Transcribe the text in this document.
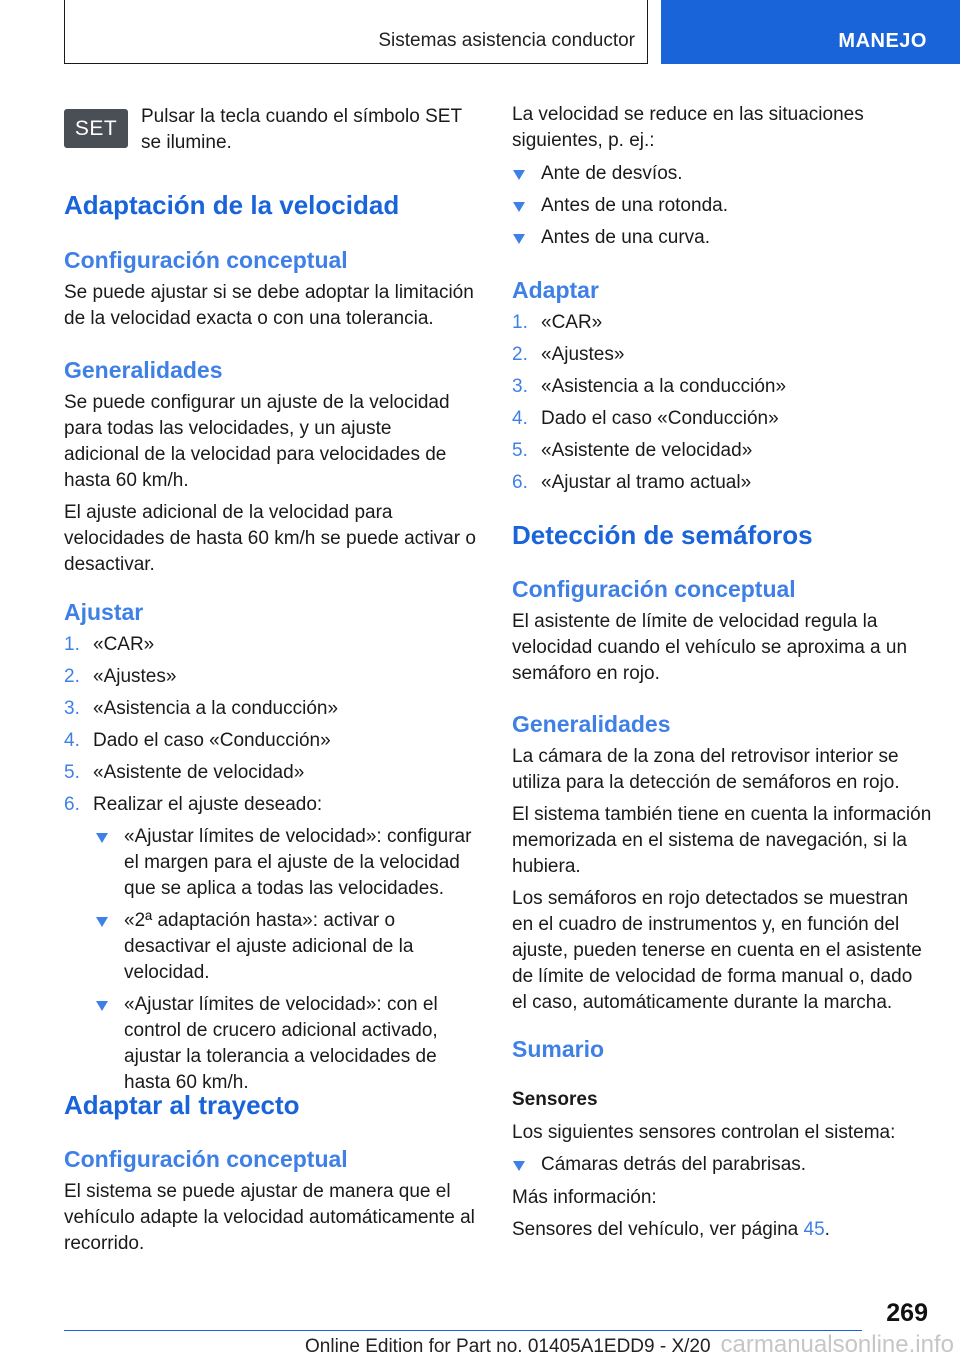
Sistemas asistencia conductor	MANEJO
SET Pulsar la tecla cuando el símbolo SET se ilumine.

Adaptación de la velocidad
Configuración conceptual

Se puede ajustar si se debe adoptar la limitación de la velocidad exacta o con una tolerancia.

Generalidades

Se puede configurar un ajuste de la velocidad para todas las velocidades, y un ajuste adicional de la velocidad para velocidades de hasta 60 km/h.

El ajuste adicional de la velocidad para velocidades de hasta 60 km/h se puede activar o desactivar.

Ajustar
1. «CAR»
2. «Ajustes»
3. «Asistencia a la conducción»
4. Dado el caso «Conducción»
5. «Asistente de velocidad»
6. Realizar el ajuste deseado:
«Ajustar límites de velocidad»: configurar el margen para el ajuste de la velocidad que se aplica a todas las velocidades.
«2ª adaptación hasta»: activar o desactivar el ajuste adicional de la velocidad.
«Ajustar límites de velocidad»: con el control de crucero adicional activado, ajustar la tolerancia a velocidades de hasta 60 km/h.
Adaptar al trayecto
Configuración conceptual

El sistema se puede ajustar de manera que el vehículo adapte la velocidad automáticamente al recorrido.

La velocidad se reduce en las situaciones siguientes, p. ej.:

Ante de desvíos.
Antes de una rotonda.
Antes de una curva.
Adaptar
1. «CAR»
2. «Ajustes»
3. «Asistencia a la conducción»
4. Dado el caso «Conducción»
5. «Asistente de velocidad»
6. «Ajustar al tramo actual»
Detección de semáforos
Configuración conceptual

El asistente de límite de velocidad regula la velocidad cuando el vehículo se aproxima a un semáforo en rojo.

Generalidades

La cámara de la zona del retrovisor interior se utiliza para la detección de semáforos en rojo.

El sistema también tiene en cuenta la información memorizada en el sistema de navegación, si la hubiera.

Los semáforos en rojo detectados se muestran en el cuadro de instrumentos y, en función del ajuste, pueden tenerse en cuenta en el asistente de límite de velocidad de forma manual o, dado el caso, automáticamente durante la marcha.

Sumario
Sensores

Los siguientes sensores controlan el sistema:

Cámaras detrás del parabrisas.

Más información:

Sensores del vehículo, ver página 45.

269
Online Edition for Part no. 01405A1EDD9 - X/20 carmanualsonline.info
